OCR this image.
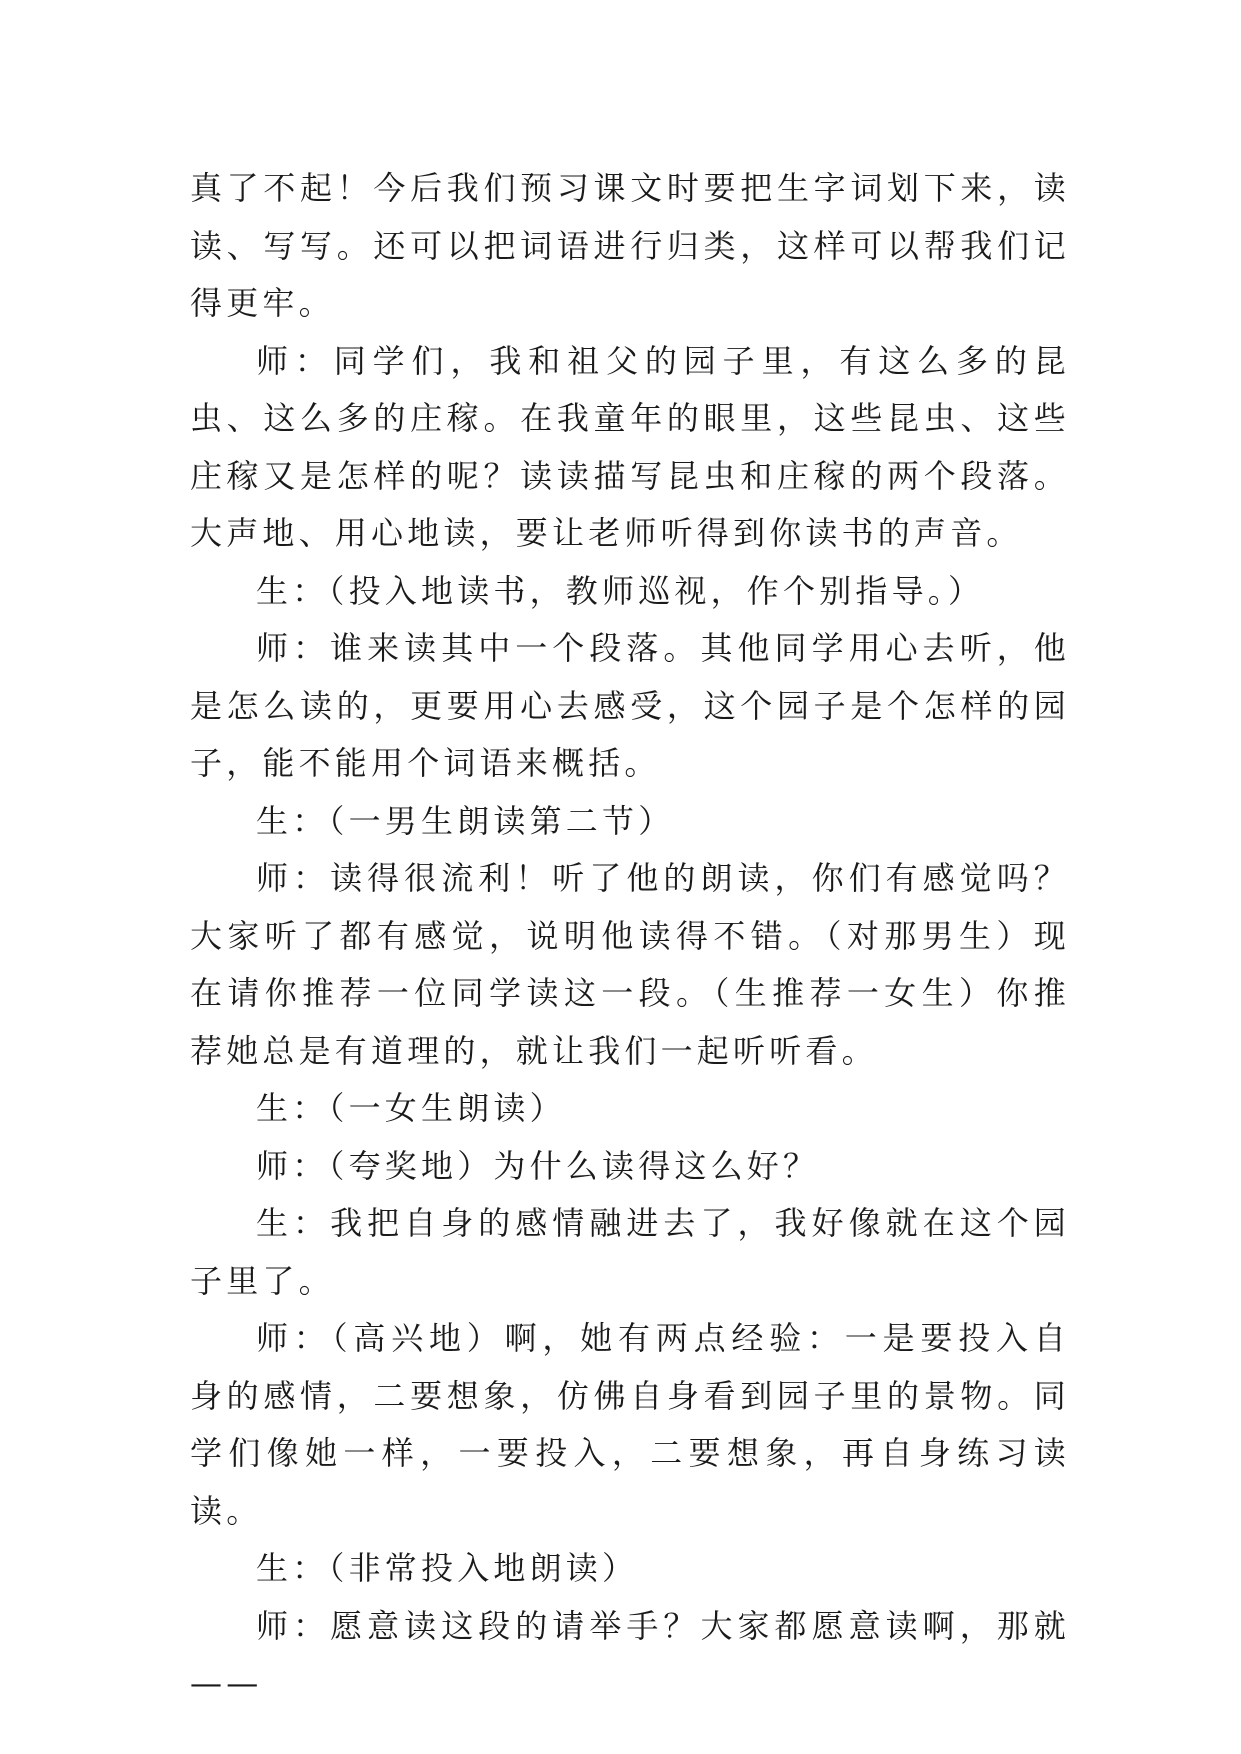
真了不起！今后我们预习课文时要把生字词划下来，读读、写写。还可以把词语进行归类，这样可以帮我们记得更牢。

师：同学们，我和祖父的园子里，有这么多的昆虫、这么多的庄稼。在我童年的眼里，这些昆虫、这些庄稼又是怎样的呢？读读描写昆虫和庄稼的两个段落。大声地、用心地读，要让老师听得到你读书的声音。

生：（投入地读书，教师巡视，作个别指导。）

师：谁来读其中一个段落。其他同学用心去听，他是怎么读的，更要用心去感受，这个园子是个怎样的园子，能不能用个词语来概括。

生：（一男生朗读第二节）

师：读得很流利！听了他的朗读，你们有感觉吗？大家听了都有感觉，说明他读得不错。（对那男生）现在请你推荐一位同学读这一段。（生推荐一女生）你推荐她总是有道理的，就让我们一起听听看。

生：（一女生朗读）

师：（夸奖地）为什么读得这么好？

生：我把自身的感情融进去了，我好像就在这个园子里了。

师：（高兴地）啊，她有两点经验：一是要投入自身的感情，二要想象，仿佛自身看到园子里的景物。同学们像她一样，一要投入，二要想象，再自身练习读读。

生：（非常投入地朗读）

师：愿意读这段的请举手？大家都愿意读啊，那就——
